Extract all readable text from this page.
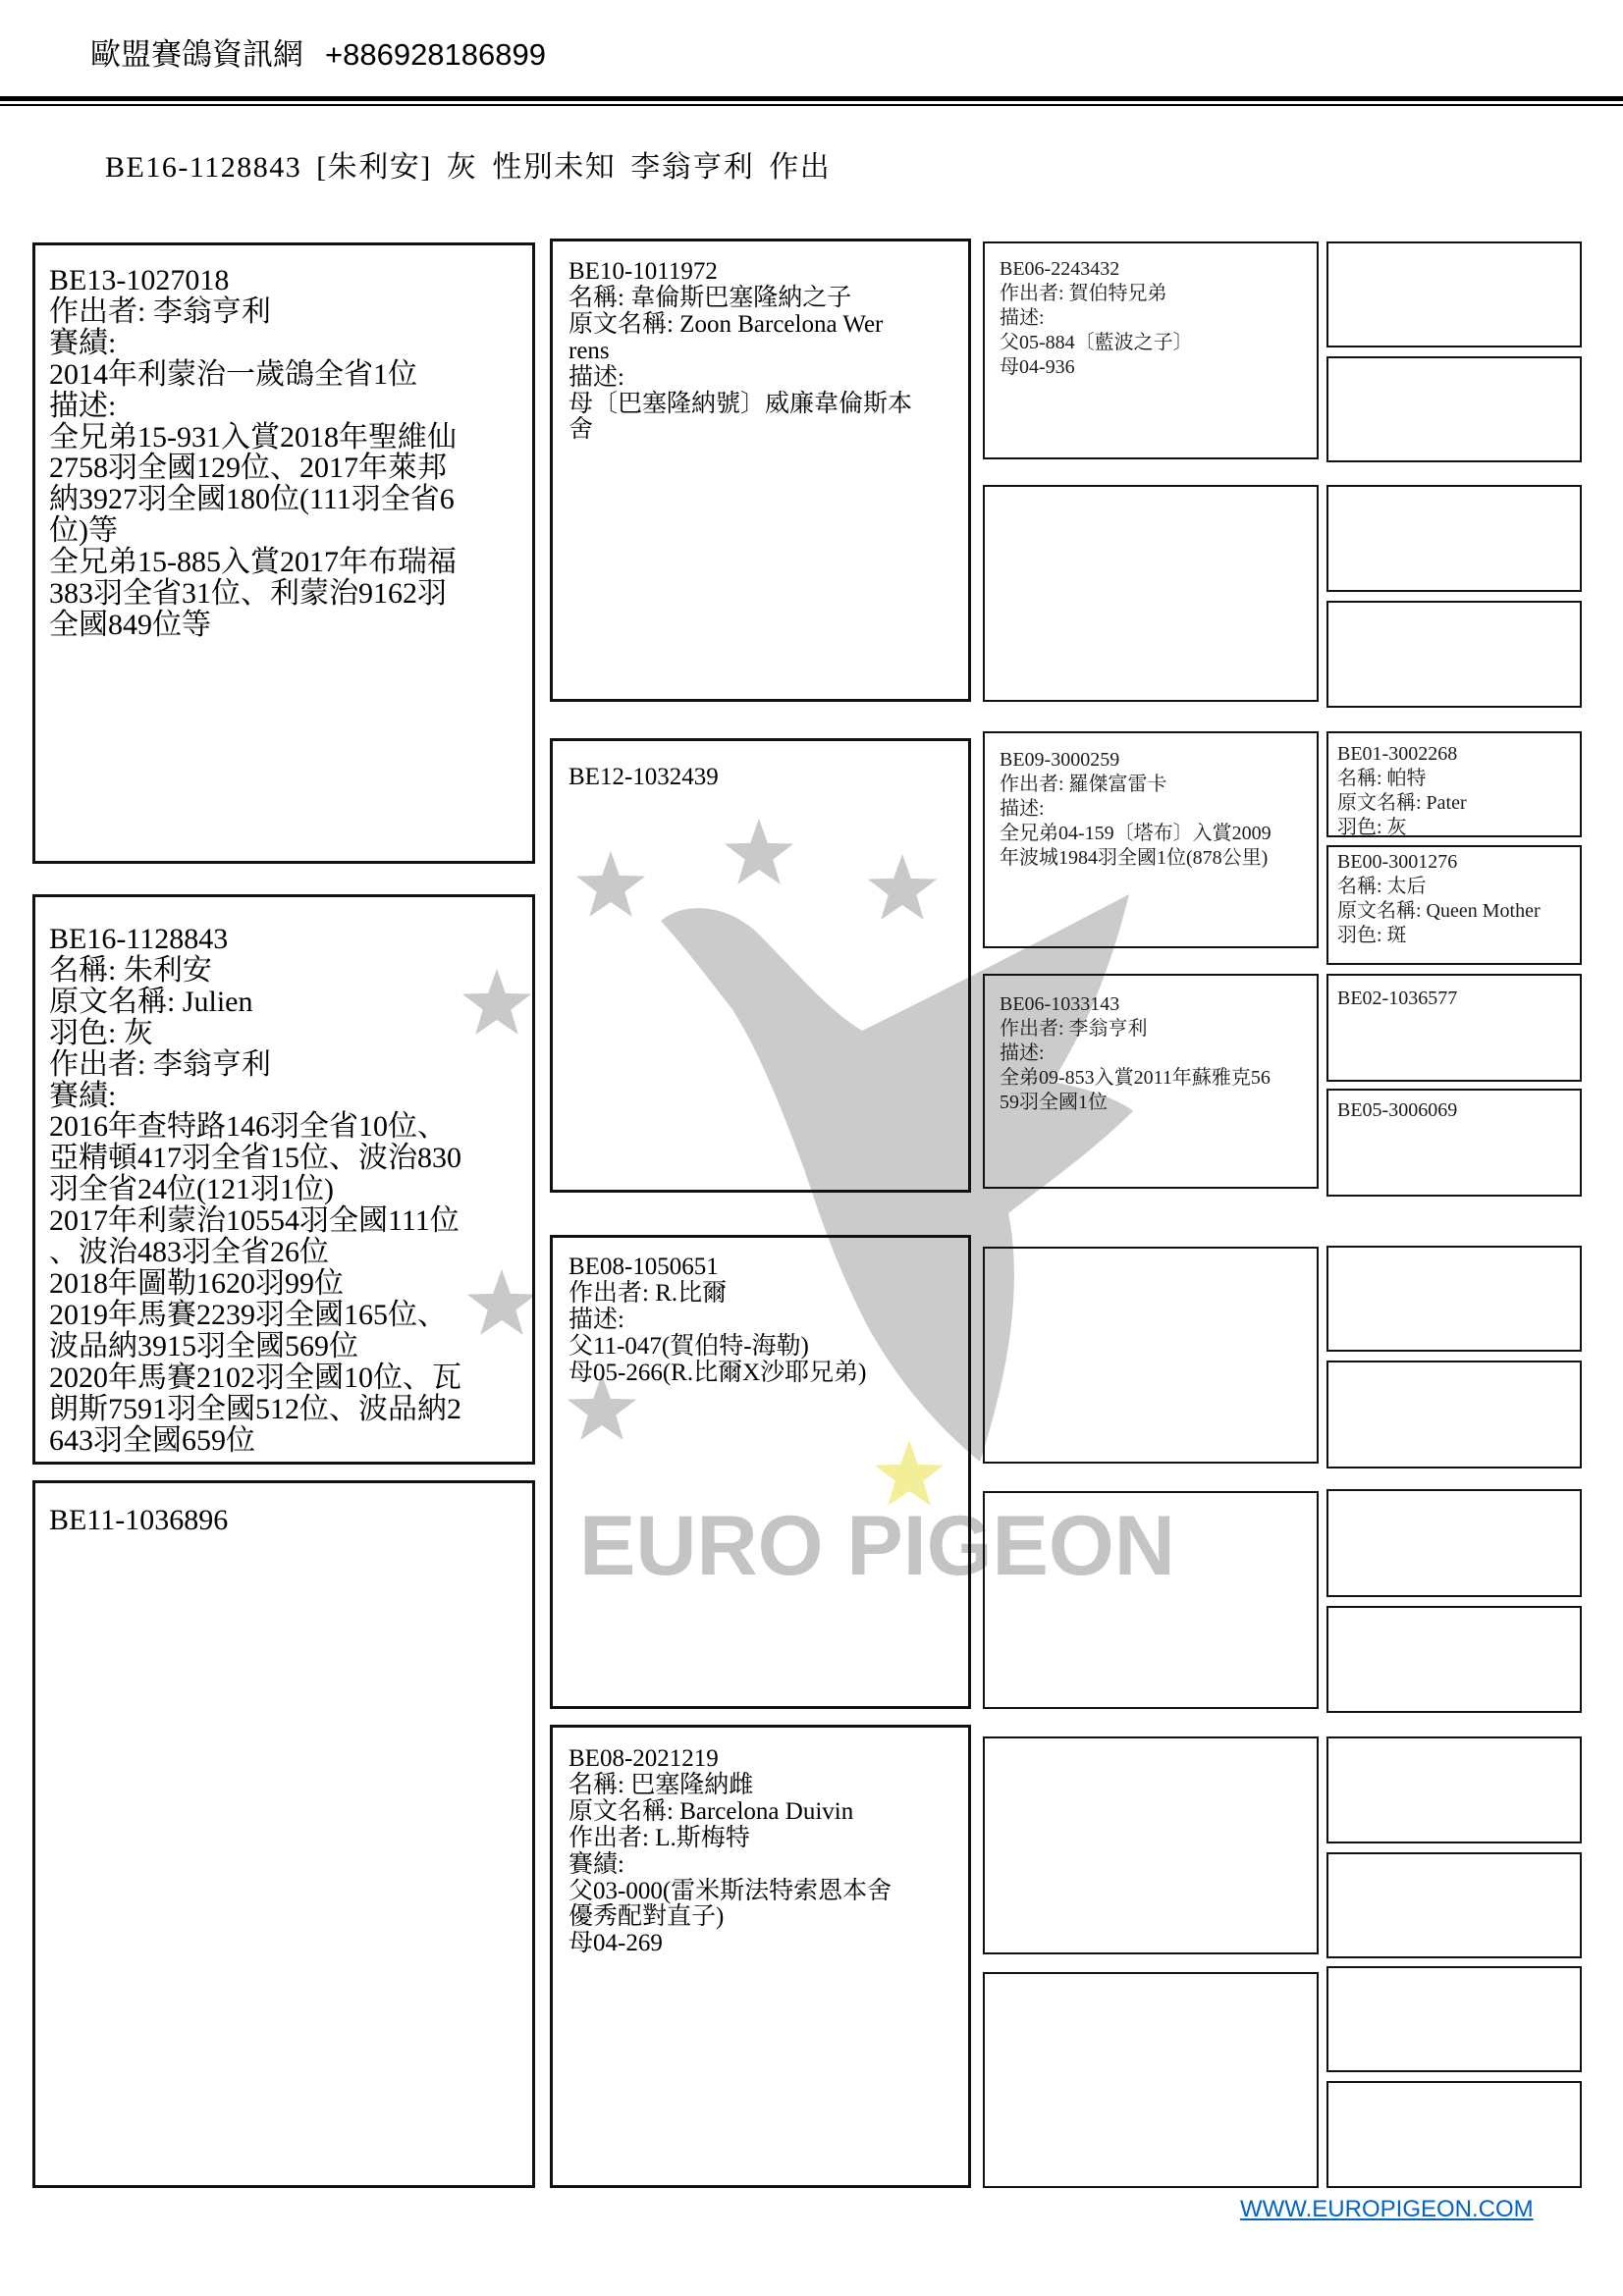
EURO PIGEON
歐盟賽鴿資訊網 +886928186899
BE16-1128843 [朱利安] 灰 性別未知 李翁亨利 作出
BE13-1027018
作出者: 李翁亨利
賽績:
2014年利蒙治一歲鴿全省1位
描述:
全兄弟15-931入賞2018年聖維仙
2758羽全國129位、2017年萊邦
納3927羽全國180位(111羽全省6
位)等
全兄弟15-885入賞2017年布瑞福
383羽全省31位、利蒙治9162羽
全國849位等
BE16-1128843
名稱: 朱利安
原文名稱: Julien
羽色: 灰
作出者: 李翁亨利
賽績:
2016年查特路146羽全省10位、
亞精頓417羽全省15位、波治830
羽全省24位(121羽1位)
2017年利蒙治10554羽全國111位
、波治483羽全省26位
2018年圖勒1620羽99位
2019年馬賽2239羽全國165位、
波品納3915羽全國569位
2020年馬賽2102羽全國10位、瓦
朗斯7591羽全國512位、波品納2
643羽全國659位
BE11-1036896
BE10-1011972
名稱: 韋倫斯巴塞隆納之子
原文名稱: Zoon Barcelona Wer
rens
描述:
母〔巴塞隆納號〕威廉韋倫斯本
舍
BE12-1032439
BE08-1050651
作出者: R.比爾
描述:
父11-047(賀伯特-海勒)
母05-266(R.比爾X沙耶兄弟)
BE08-2021219
名稱: 巴塞隆納雌
原文名稱: Barcelona Duivin
作出者: L.斯梅特
賽績:
父03-000(雷米斯法特索恩本舍
優秀配對直子)
母04-269
BE06-2243432
作出者: 賀伯特兄弟
描述:
父05-884〔藍波之子〕
母04-936
BE09-3000259
作出者: 羅傑富雷卡
描述:
全兄弟04-159〔塔布〕入賞2009
年波城1984羽全國1位(878公里)
BE06-1033143
作出者: 李翁亨利
描述:
全弟09-853入賞2011年蘇雅克56
59羽全國1位
BE01-3002268
名稱: 帕特
原文名稱: Pater
羽色: 灰
BE00-3001276
名稱: 太后
原文名稱: Queen Mother
羽色: 斑
BE02-1036577
BE05-3006069
WWW.EUROPIGEON.COM
